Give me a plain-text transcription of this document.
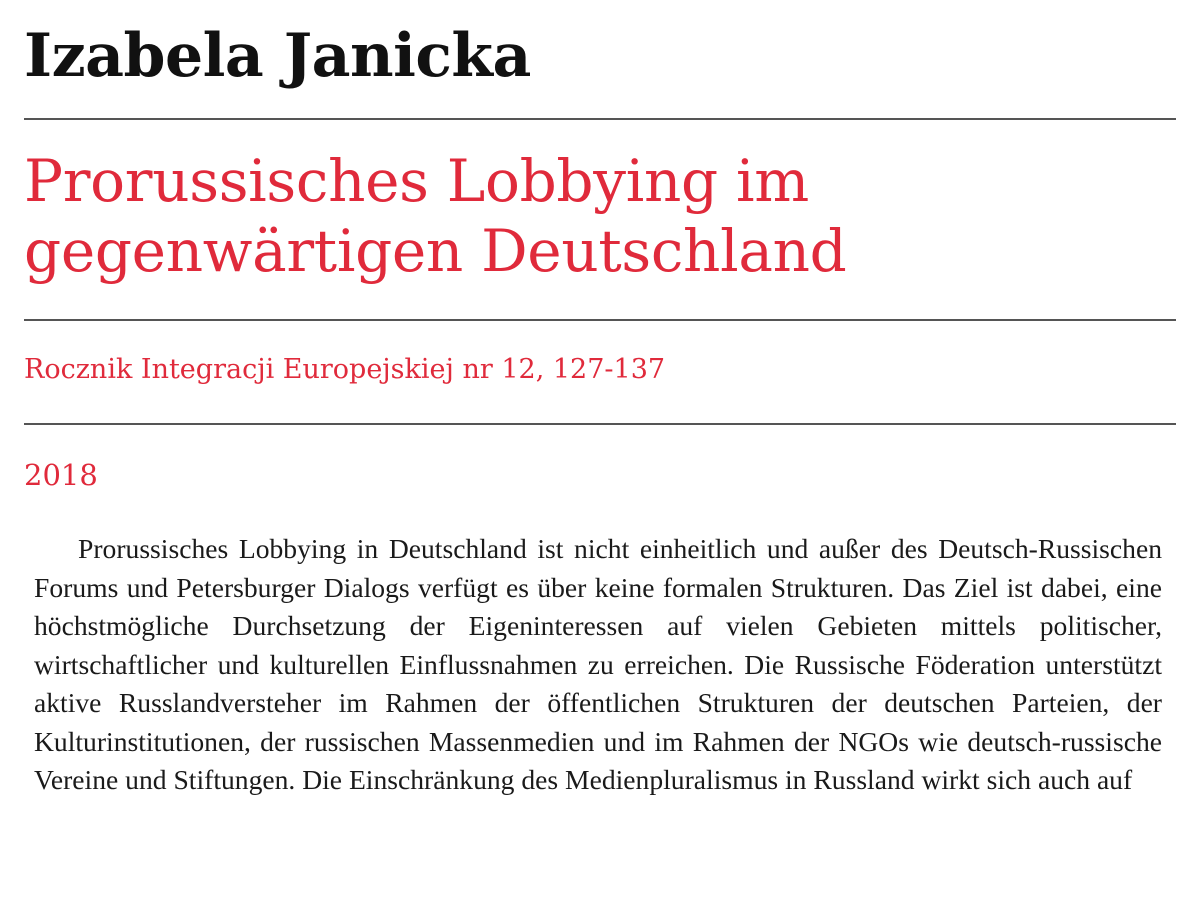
Izabela Janicka
Prorussisches Lobbying im gegenwärtigen Deutschland
Rocznik Integracji Europejskiej nr 12, 127-137
2018

Prorussisches Lobbying in Deutschland ist nicht einheitlich und außer des Deutsch-Russischen Forums und Petersburger Dialogs verfügt es über keine formalen Strukturen. Das Ziel ist dabei, eine höchstmögliche Durchsetzung der Eigeninteressen auf vielen Gebieten mittels politischer, wirtschaftlicher und kulturellen Einflussnahmen zu erreichen. Die Russische Föderation unterstützt aktive Russlandversteher im Rahmen der öffentlichen Strukturen der deutschen Parteien, der Kulturinstitutionen, der russischen Massenmedien und im Rahmen der NGOs wie deutsch-russische Vereine und Stiftungen. Die Einschränkung des Medienpluralismus in Russland wirkt sich auch auf
